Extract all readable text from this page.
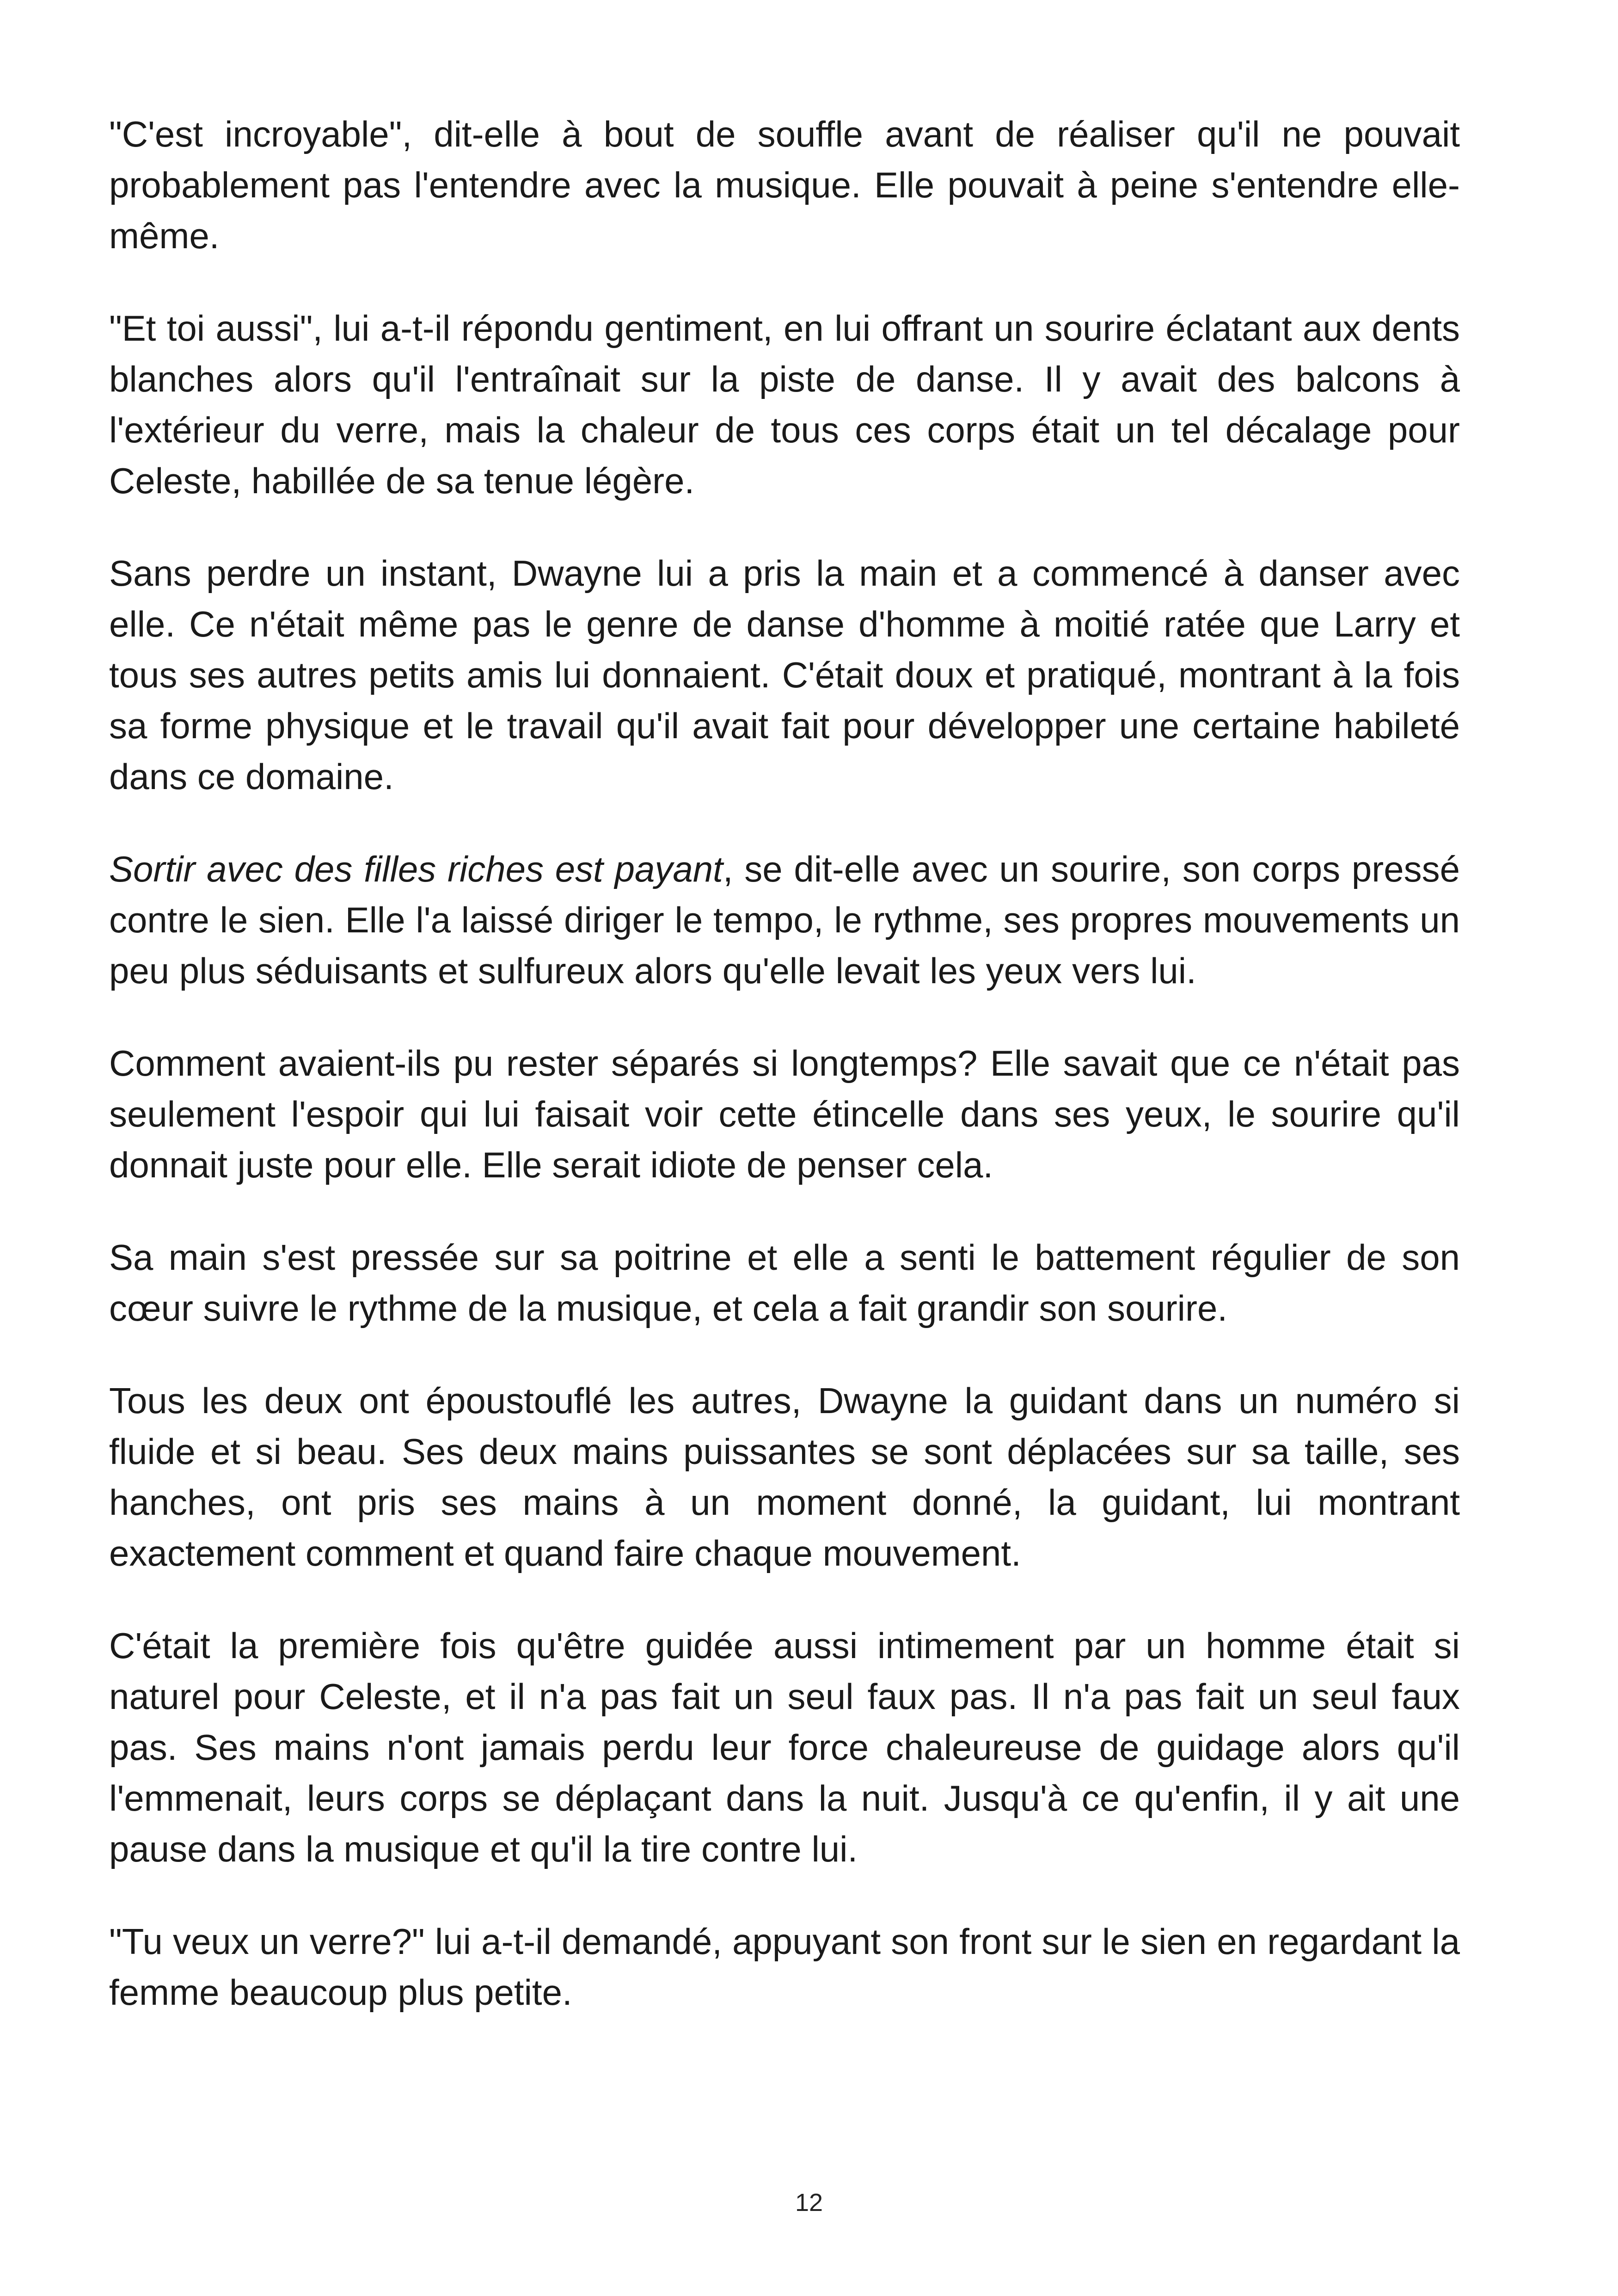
"C'est incroyable", dit-elle à bout de souffle avant de réaliser qu'il ne pouvait probablement pas l'entendre avec la musique. Elle pouvait à peine s'entendre elle-même.

"Et toi aussi", lui a-t-il répondu gentiment, en lui offrant un sourire éclatant aux dents blanches alors qu'il l'entraînait sur la piste de danse. Il y avait des balcons à l'extérieur du verre, mais la chaleur de tous ces corps était un tel décalage pour Celeste, habillée de sa tenue légère.

Sans perdre un instant, Dwayne lui a pris la main et a commencé à danser avec elle. Ce n'était même pas le genre de danse d'homme à moitié ratée que Larry et tous ses autres petits amis lui donnaient. C'était doux et pratiqué, montrant à la fois sa forme physique et le travail qu'il avait fait pour développer une certaine habileté dans ce domaine.

Sortir avec des filles riches est payant, se dit-elle avec un sourire, son corps pressé contre le sien. Elle l'a laissé diriger le tempo, le rythme, ses propres mouvements un peu plus séduisants et sulfureux alors qu'elle levait les yeux vers lui.

Comment avaient-ils pu rester séparés si longtemps? Elle savait que ce n'était pas seulement l'espoir qui lui faisait voir cette étincelle dans ses yeux, le sourire qu'il donnait juste pour elle. Elle serait idiote de penser cela.

Sa main s'est pressée sur sa poitrine et elle a senti le battement régulier de son cœur suivre le rythme de la musique, et cela a fait grandir son sourire.

Tous les deux ont époustouflé les autres, Dwayne la guidant dans un numéro si fluide et si beau. Ses deux mains puissantes se sont déplacées sur sa taille, ses hanches, ont pris ses mains à un moment donné, la guidant, lui montrant exactement comment et quand faire chaque mouvement.

C'était la première fois qu'être guidée aussi intimement par un homme était si naturel pour Celeste, et il n'a pas fait un seul faux pas. Il n'a pas fait un seul faux pas. Ses mains n'ont jamais perdu leur force chaleureuse de guidage alors qu'il l'emmenait, leurs corps se déplaçant dans la nuit. Jusqu'à ce qu'enfin, il y ait une pause dans la musique et qu'il la tire contre lui.

"Tu veux un verre?" lui a-t-il demandé, appuyant son front sur le sien en regardant la femme beaucoup plus petite.

12
